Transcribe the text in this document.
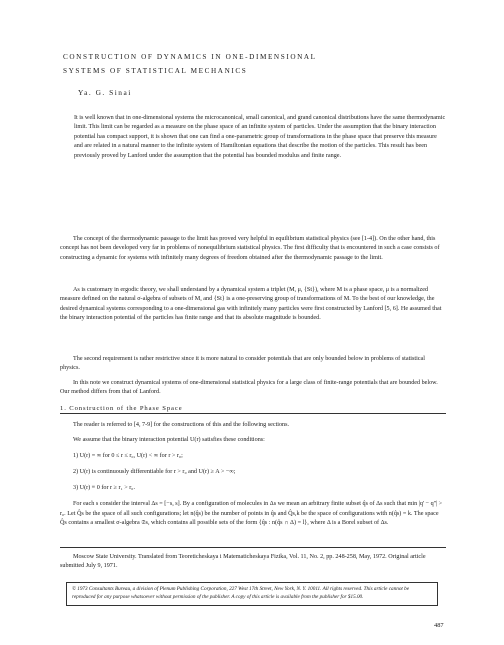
CONSTRUCTION OF DYNAMICS IN ONE-DIMENSIONAL
SYSTEMS OF STATISTICAL MECHANICS
Ya. G. Sinai
It is well known that in one-dimensional systems the microcanonical, small canonical, and grand canonical distributions have the same thermodynamic limit. This limit can be regarded as a measure on the phase space of an infinite system of particles. Under the assumption that the binary interaction potential has compact support, it is shown that one can find a one-parametric group of transformations in the phase space that preserve this measure and are related in a natural manner to the infinite system of Hamiltonian equations that describe the motion of the particles. This result has been previously proved by Lanford under the assumption that the potential has bounded modulus and finite range.

The concept of the thermodynamic passage to the limit has proved very helpful in equilibrium statistical physics (see [1-4]). On the other hand, this concept has not been developed very far in problems of nonequilibrium statistical physics. The first difficulty that is encountered in such a case consists of constructing a dynamic for systems with infinitely many degrees of freedom obtained after the thermodynamic passage to the limit.

As is customary in ergodic theory, we shall understand by a dynamical system a triplet (M, μ, {St}), where M is a phase space, μ is a normalized measure defined on the natural σ-algebra of subsets of M, and {St} is a one-preserving group of transformations of M. To the best of our knowledge, the desired dynamical systems corresponding to a one-dimensional gas with infinitely many particles were first constructed by Lanford [5, 6]. He assumed that the binary interaction potential of the particles has finite range and that its absolute magnitude is bounded.

The second requirement is rather restrictive since it is more natural to consider potentials that are only bounded below in problems of statistical physics.

In this note we construct dynamical systems of one-dimensional statistical physics for a large class of finite-range potentials that are bounded below. Our method differs from that of Lanford.

1. Construction of the Phase Space
The reader is referred to [4, 7-9] for the constructions of this and the following sections.
We assume that the binary interaction potential U(r) satisfies these conditions:
1) U(r) = ∞ for 0 ≤ r ≤ r₀, U(r) < ∞ for r > r₀;
2) U(r) is continuously differentiable for r > r₀ and U(r) ≥ A > −∞;
3) U(r) ≡ 0 for r ≥ r₁ > r₀.

For each s consider the interval Δs = [−s, s]. By a configuration of molecules in Δs we mean an arbitrary finite subset q̂s of Δs such that min |q' − q''| > r₀. Let Q̂s be the space of all such configurations; let n(q̂s) be the number of points in q̂s and Q̂s,k be the space of configurations with n(q̂s) = k. The space Q̂s contains a smallest σ-algebra 𝔖s, which contains all possible sets of the form {q̂s : n(q̂s ∩ Δ) = l}, where Δ is a Borel subset of Δs.

Moscow State University. Translated from Teoreticheskaya i Matematicheskaya Fizika, Vol. 11, No. 2, pp. 248-258, May, 1972. Original article submitted July 9, 1971.

© 1973 Consultants Bureau, a division of Plenum Publishing Corporation, 227 West 17th Street, New York, N. Y. 10011. All rights reserved. This article cannot be reproduced for any purpose whatsoever without permission of the publisher. A copy of this article is available from the publisher for $15.00.
487
